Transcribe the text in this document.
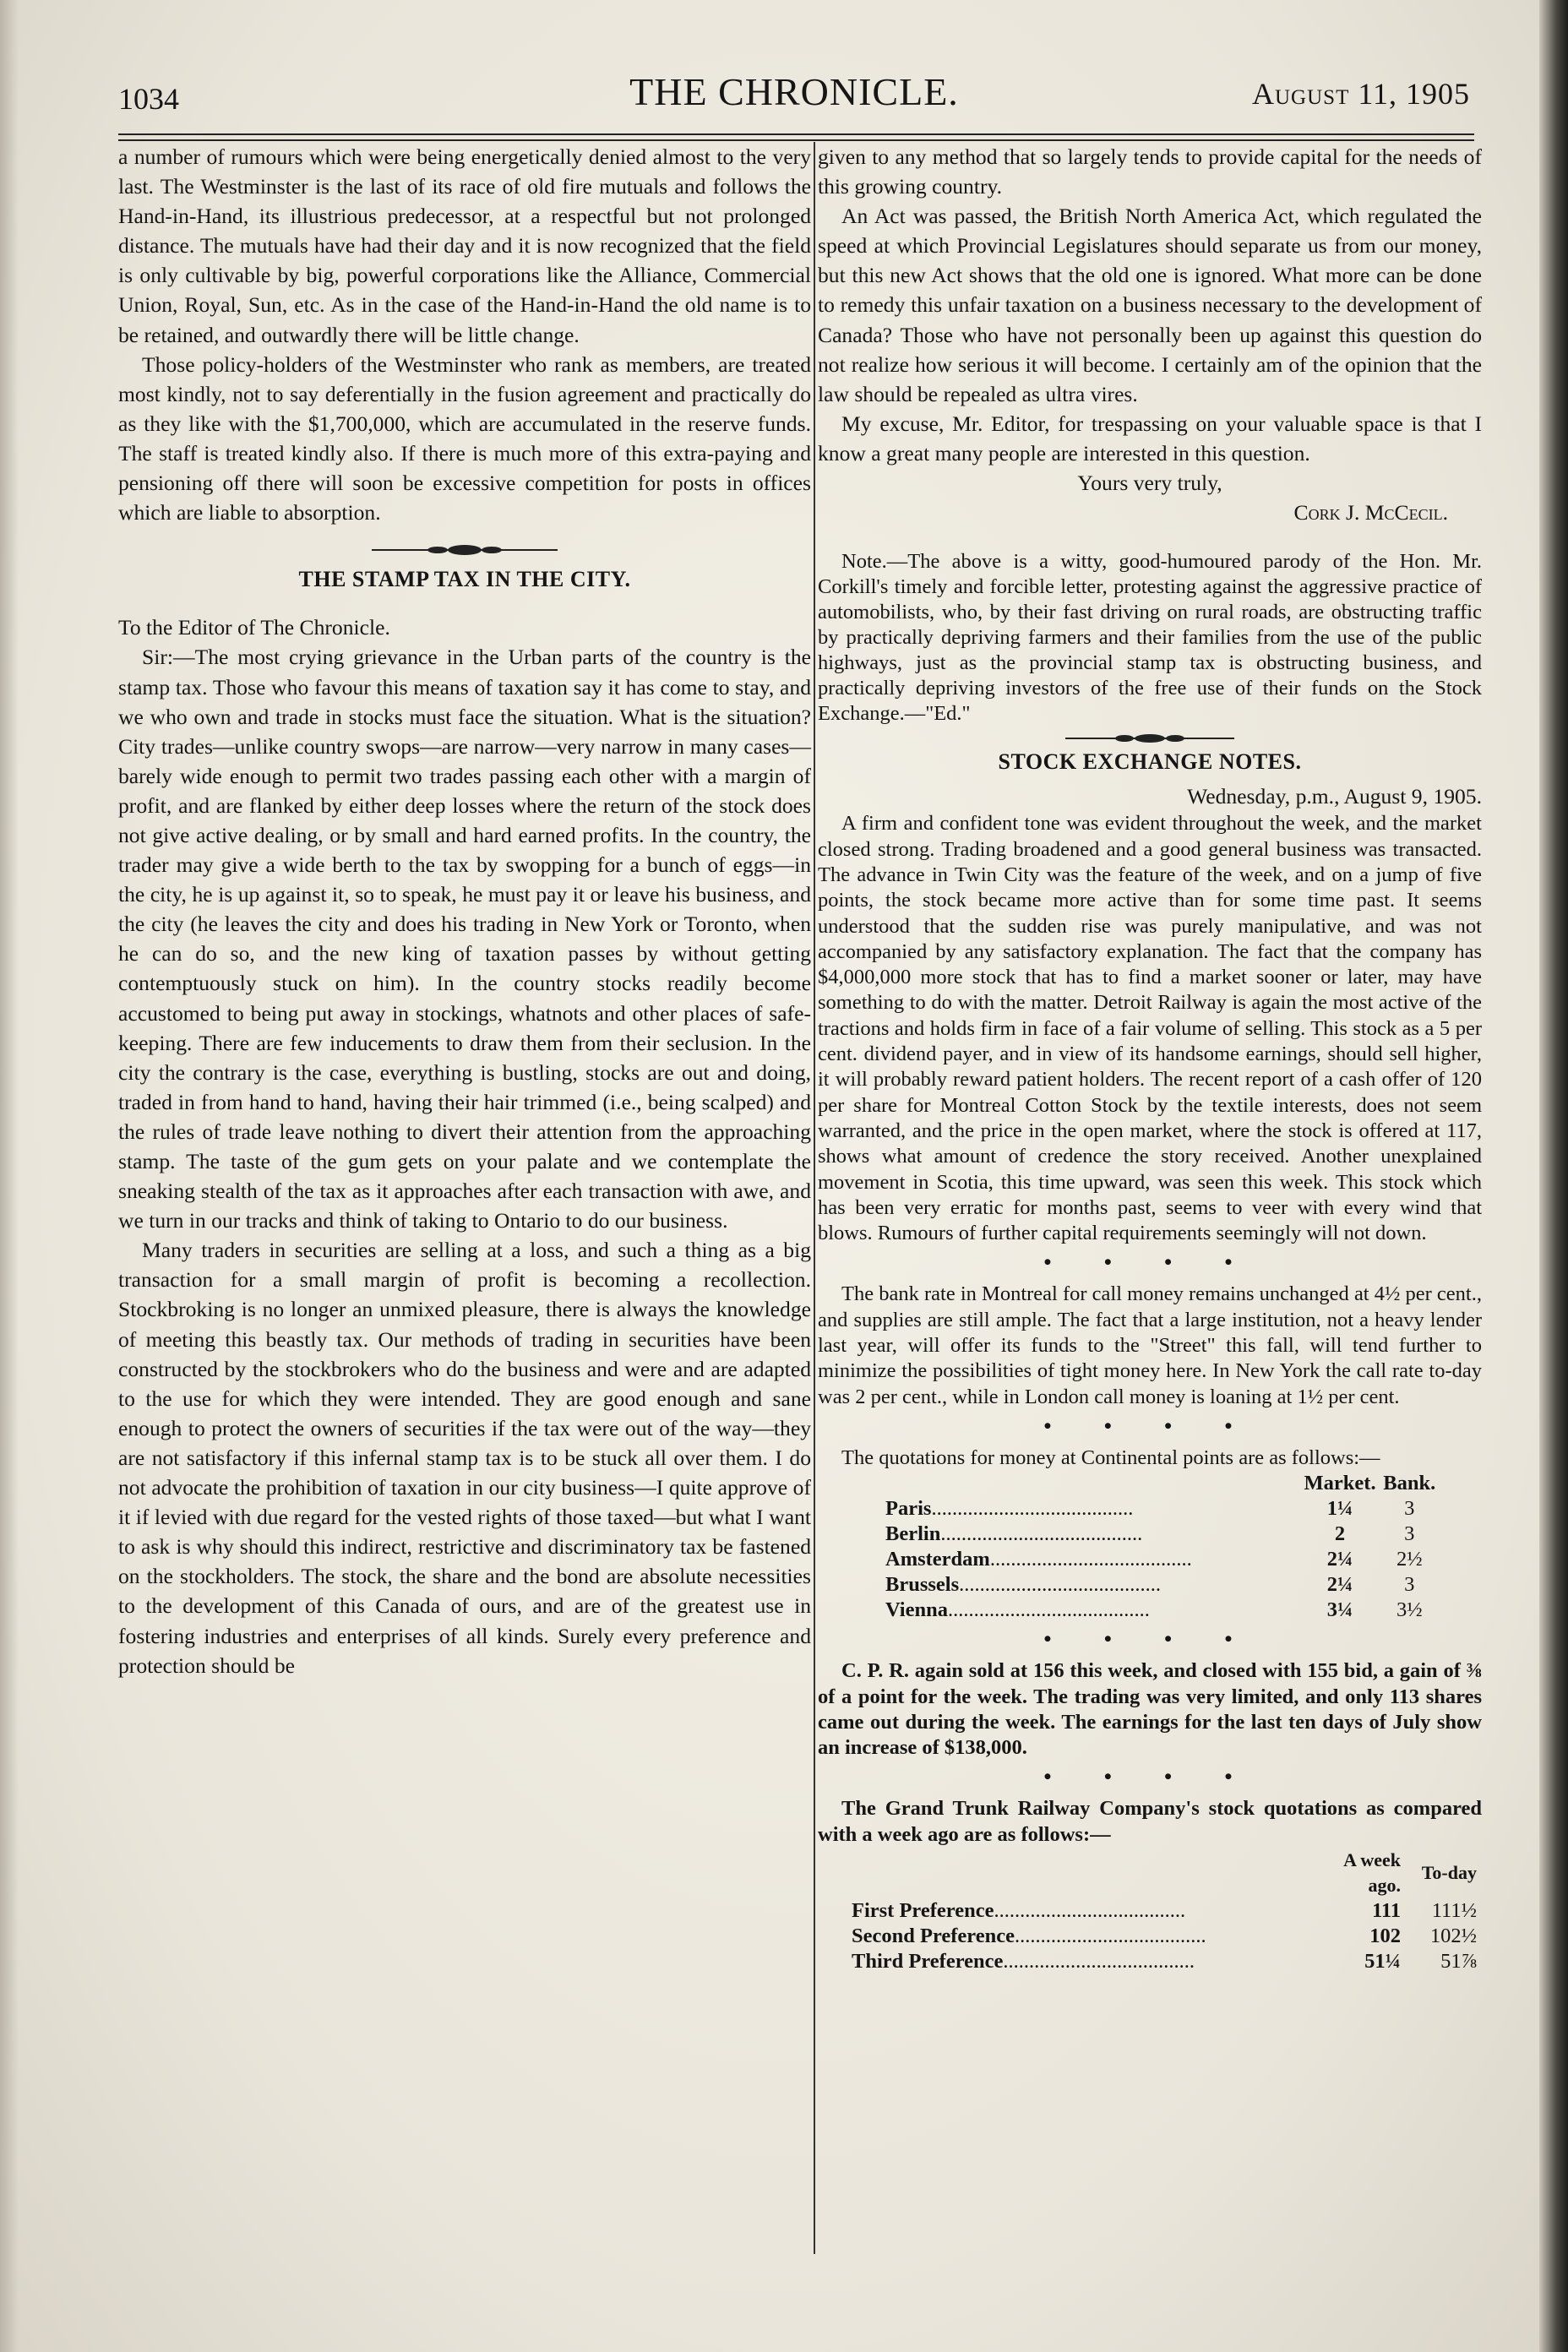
1034	THE CHRONICLE.	August 11, 1905

a number of rumours which were being energetically denied almost to the very last. The Westminster is the last of its race of old fire mutuals and follows the Hand-in-Hand, its illustrious predecessor, at a respectful but not prolonged distance. The mutuals have had their day and it is now recognized that the field is only cultivable by big, powerful corporations like the Alliance, Commercial Union, Royal, Sun, etc. As in the case of the Hand-in-Hand the old name is to be retained, and outwardly there will be little change.

Those policy-holders of the Westminster who rank as members, are treated most kindly, not to say deferentially in the fusion agreement and practically do as they like with the $1,700,000, which are accumulated in the reserve funds. The staff is treated kindly also. If there is much more of this extra-paying and pensioning off there will soon be excessive competition for posts in offices which are liable to absorption.

THE STAMP TAX IN THE CITY.

To the Editor of The Chronicle.

Sir:—The most crying grievance in the Urban parts of the country is the stamp tax. Those who favour this means of taxation say it has come to stay, and we who own and trade in stocks must face the situation. What is the situation? City trades—unlike country swops—are narrow—very narrow in many cases—barely wide enough to permit two trades passing each other with a margin of profit, and are flanked by either deep losses where the return of the stock does not give active dealing, or by small and hard earned profits. In the country, the trader may give a wide berth to the tax by swopping for a bunch of eggs—in the city, he is up against it, so to speak, he must pay it or leave his business, and the city (he leaves the city and does his trading in New York or Toronto, when he can do so, and the new king of taxation passes by without getting contemptuously stuck on him). In the country stocks readily become accustomed to being put away in stockings, whatnots and other places of safe-keeping. There are few inducements to draw them from their seclusion. In the city the contrary is the case, everything is bustling, stocks are out and doing, traded in from hand to hand, having their hair trimmed (i.e., being scalped) and the rules of trade leave nothing to divert their attention from the approaching stamp. The taste of the gum gets on your palate and we contemplate the sneaking stealth of the tax as it approaches after each transaction with awe, and we turn in our tracks and think of taking to Ontario to do our business.

Many traders in securities are selling at a loss, and such a thing as a big transaction for a small margin of profit is becoming a recollection. Stockbroking is no longer an unmixed pleasure, there is always the knowledge of meeting this beastly tax. Our methods of trading in securities have been constructed by the stockbrokers who do the business and were and are adapted to the use for which they were intended. They are good enough and sane enough to protect the owners of securities if the tax were out of the way—they are not satisfactory if this infernal stamp tax is to be stuck all over them. I do not advocate the prohibition of taxation in our city business—I quite approve of it if levied with due regard for the vested rights of those taxed—but what I want to ask is why should this indirect, restrictive and discriminatory tax be fastened on the stockholders. The stock, the share and the bond are absolute necessities to the development of this Canada of ours, and are of the greatest use in fostering industries and enterprises of all kinds. Surely every preference and protection should be

given to any method that so largely tends to provide capital for the needs of this growing country.

An Act was passed, the British North America Act, which regulated the speed at which Provincial Legislatures should separate us from our money, but this new Act shows that the old one is ignored. What more can be done to remedy this unfair taxation on a business necessary to the development of Canada? Those who have not personally been up against this question do not realize how serious it will become. I certainly am of the opinion that the law should be repealed as ultra vires.

My excuse, Mr. Editor, for trespassing on your valuable space is that I know a great many people are interested in this question.

Yours very truly,

Cork J. McCecil.

Note.—The above is a witty, good-humoured parody of the Hon. Mr. Corkill's timely and forcible letter, protesting against the aggressive practice of automobilists, who, by their fast driving on rural roads, are obstructing traffic by practically depriving farmers and their families from the use of the public highways, just as the provincial stamp tax is obstructing business, and practically depriving investors of the free use of their funds on the Stock Exchange.—"Ed."

STOCK EXCHANGE NOTES.

Wednesday, p.m., August 9, 1905.

A firm and confident tone was evident throughout the week, and the market closed strong. Trading broadened and a good general business was transacted. The advance in Twin City was the feature of the week, and on a jump of five points, the stock became more active than for some time past. It seems understood that the sudden rise was purely manipulative, and was not accompanied by any satisfactory explanation. The fact that the company has $4,000,000 more stock that has to find a market sooner or later, may have something to do with the matter. Detroit Railway is again the most active of the tractions and holds firm in face of a fair volume of selling. This stock as a 5 per cent. dividend payer, and in view of its handsome earnings, should sell higher, it will probably reward patient holders. The recent report of a cash offer of 120 per share for Montreal Cotton Stock by the textile interests, does not seem warranted, and the price in the open market, where the stock is offered at 117, shows what amount of credence the story received. Another unexplained movement in Scotia, this time upward, was seen this week. This stock which has been very erratic for months past, seems to veer with every wind that blows. Rumours of further capital requirements seemingly will not down.

• • • •

The bank rate in Montreal for call money remains unchanged at 4½ per cent., and supplies are still ample. The fact that a large institution, not a heavy lender last year, will offer its funds to the "Street" this fall, will tend further to minimize the possibilities of tight money here. In New York the call rate to-day was 2 per cent., while in London call money is loaning at 1½ per cent.

• • • •

The quotations for money at Continental points are as follows:—

	Market.	Bank.
Paris.......................................	1¼	3
Berlin.......................................	2	3
Amsterdam.......................................	2¼	2½
Brussels.......................................	2¼	3
Vienna.......................................	3¼	3½
• • • •

C. P. R. again sold at 156 this week, and closed with 155 bid, a gain of ⅜ of a point for the week. The trading was very limited, and only 113 shares came out during the week. The earnings for the last ten days of July show an increase of $138,000.

• • • •

The Grand Trunk Railway Company's stock quotations as compared with a week ago are as follows:—

	A week ago.	To-day
First Preference.....................................	111	111½
Second Preference.....................................	102	102½
Third Preference.....................................	51¼	51⅞
